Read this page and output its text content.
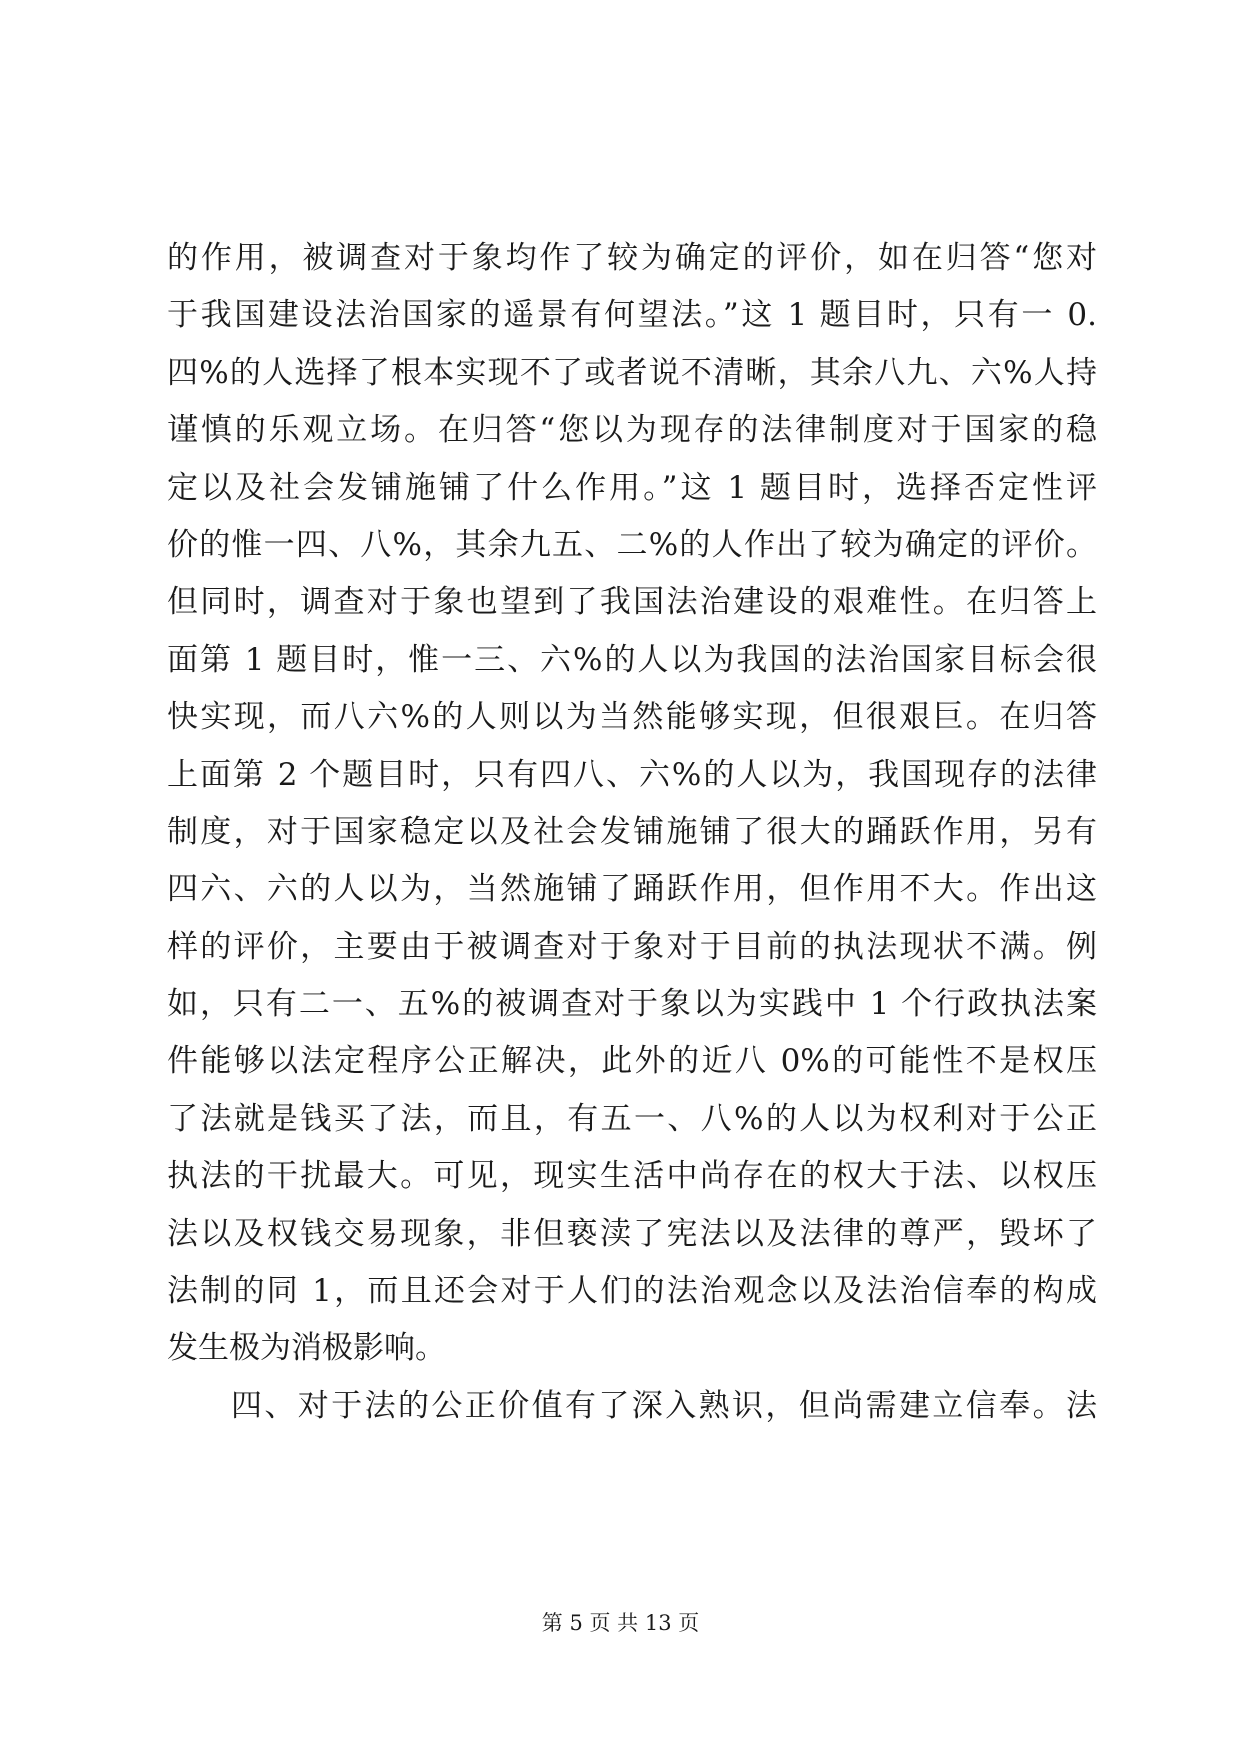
的作用，被调查对于象均作了较为确定的评价，如在归答“您对
于我国建设法治国家的遥景有何望法。”这 1 题目时，只有一 0.
四%的人选择了根本实现不了或者说不清晰，其余八九、六%人持
谨慎的乐观立场。在归答“您以为现存的法律制度对于国家的稳
定以及社会发铺施铺了什么作用。”这 1 题目时，选择否定性评
价的惟一四、八%，其余九五、二%的人作出了较为确定的评价。
但同时，调查对于象也望到了我国法治建设的艰难性。在归答上
面第 1 题目时，惟一三、六%的人以为我国的法治国家目标会很
快实现，而八六%的人则以为当然能够实现，但很艰巨。在归答
上面第 2 个题目时，只有四八、六%的人以为，我国现存的法律
制度，对于国家稳定以及社会发铺施铺了很大的踊跃作用，另有
四六、六的人以为，当然施铺了踊跃作用，但作用不大。作出这
样的评价，主要由于被调查对于象对于目前的执法现状不满。例
如，只有二一、五%的被调查对于象以为实践中 1 个行政执法案
件能够以法定程序公正解决，此外的近八 0%的可能性不是权压
了法就是钱买了法，而且，有五一、八%的人以为权利对于公正
执法的干扰最大。可见，现实生活中尚存在的权大于法、以权压
法以及权钱交易现象，非但亵渎了宪法以及法律的尊严，毁坏了
法制的同 1，而且还会对于人们的法治观念以及法治信奉的构成
发生极为消极影响。
四、对于法的公正价值有了深入熟识，但尚需建立信奉。法
第 5 页 共 13 页
